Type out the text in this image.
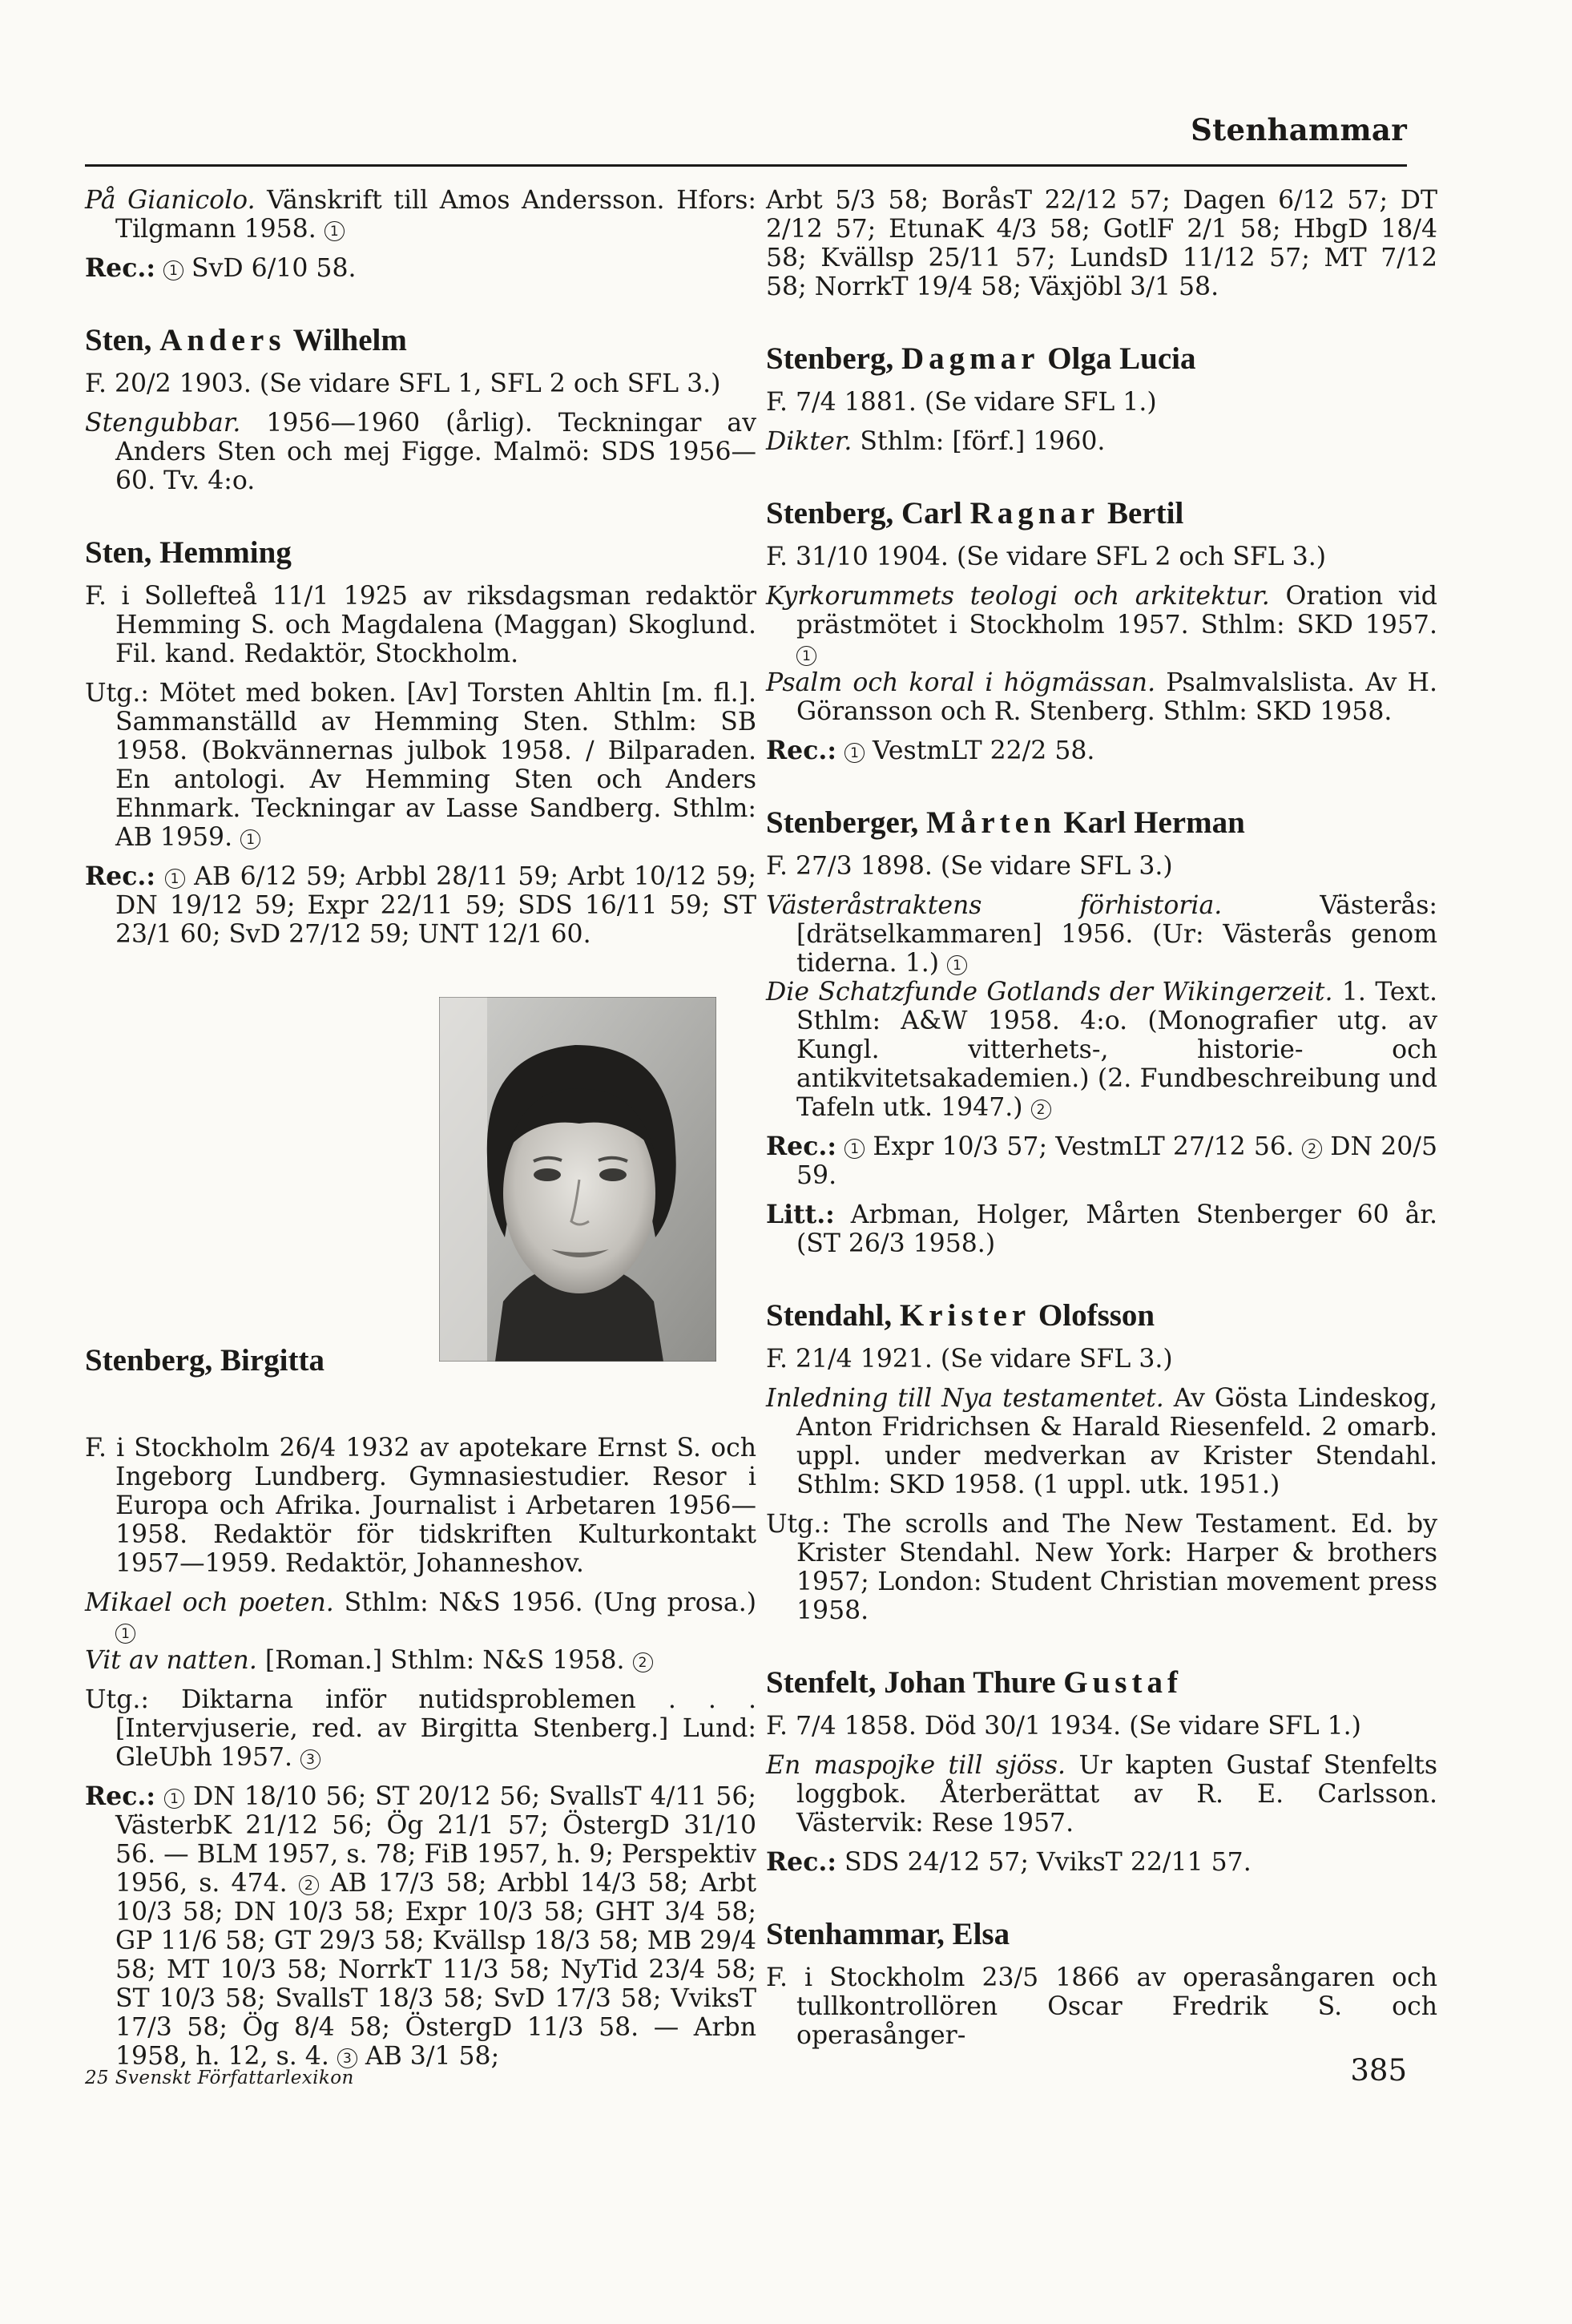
Stenhammar

På Gianicolo. Vänskrift till Amos Andersson. Hfors: Tilgmann 1958. 1

Rec.: 1 SvD 6/10 58.

Sten, Anders Wilhelm

F. 20/2 1903. (Se vidare SFL 1, SFL 2 och SFL 3.)

Stengubbar. 1956—1960 (årlig). Teckningar av Anders Sten och mej Figge. Malmö: SDS 1956—60. Tv. 4:o.

Sten, Hemming

F. i Sollefteå 11/1 1925 av riksdagsman redaktör Hemming S. och Magdalena (Maggan) Skoglund. Fil. kand. Redaktör, Stockholm.

Utg.: Mötet med boken. [Av] Torsten Ahltin [m. fl.]. Sammanställd av Hemming Sten. Sthlm: SB 1958. (Bokvännernas julbok 1958. / Bilparaden. En antologi. Av Hemming Sten och Anders Ehnmark. Teckningar av Lasse Sandberg. Sthlm: AB 1959. 1

Rec.: 1 AB 6/12 59; Arbbl 28/11 59; Arbt 10/12 59; DN 19/12 59; Expr 22/11 59; SDS 16/11 59; ST 23/1 60; SvD 27/12 59; UNT 12/1 60.

Stenberg, Birgitta

F. i Stockholm 26/4 1932 av apotekare Ernst S. och Ingeborg Lundberg. Gymnasiestudier. Resor i Europa och Afrika. Journalist i Arbetaren 1956—1958. Redaktör för tidskriften Kulturkontakt 1957—1959. Redaktör, Johanneshov.

Mikael och poeten. Sthlm: N&S 1956. (Ung prosa.) 1

Vit av natten. [Roman.] Sthlm: N&S 1958. 2

Utg.: Diktarna inför nutidsproblemen . . . [Intervjuserie, red. av Birgitta Stenberg.] Lund: GleUbh 1957. 3

Rec.: 1 DN 18/10 56; ST 20/12 56; SvallsT 4/11 56; VästerbK 21/12 56; Ög 21/1 57; ÖstergD 31/10 56. — BLM 1957, s. 78; FiB 1957, h. 9; Perspektiv 1956, s. 474. 2 AB 17/3 58; Arbbl 14/3 58; Arbt 10/3 58; DN 10/3 58; Expr 10/3 58; GHT 3/4 58; GP 11/6 58; GT 29/3 58; Kvällsp 18/3 58; MB 29/4 58; MT 10/3 58; NorrkT 11/3 58; NyTid 23/4 58; ST 10/3 58; SvallsT 18/3 58; SvD 17/3 58; VviksT 17/3 58; Ög 8/4 58; ÖstergD 11/3 58. — Arbn 1958, h. 12, s. 4. 3 AB 3/1 58;

Arbt 5/3 58; BoråsT 22/12 57; Dagen 6/12 57; DT 2/12 57; EtunaK 4/3 58; GotlF 2/1 58; HbgD 18/4 58; Kvällsp 25/11 57; LundsD 11/12 57; MT 7/12 58; NorrkT 19/4 58; Växjöbl 3/1 58.

Stenberg, Dagmar Olga Lucia

F. 7/4 1881. (Se vidare SFL 1.)

Dikter. Sthlm: [förf.] 1960.

Stenberg, Carl Ragnar Bertil

F. 31/10 1904. (Se vidare SFL 2 och SFL 3.)

Kyrkorummets teologi och arkitektur. Oration vid prästmötet i Stockholm 1957. Sthlm: SKD 1957. 1

Psalm och koral i högmässan. Psalmvalslista. Av H. Göransson och R. Stenberg. Sthlm: SKD 1958.

Rec.: 1 VestmLT 22/2 58.

Stenberger, Mårten Karl Herman

F. 27/3 1898. (Se vidare SFL 3.)

Västeråstraktens förhistoria. Västerås: [drätselkammaren] 1956. (Ur: Västerås genom tiderna. 1.) 1

Die Schatzfunde Gotlands der Wikingerzeit. 1. Text. Sthlm: A&W 1958. 4:o. (Monografier utg. av Kungl. vitterhets-, historie- och antikvitetsakademien.) (2. Fundbeschreibung und Tafeln utk. 1947.) 2

Rec.: 1 Expr 10/3 57; VestmLT 27/12 56. 2 DN 20/5 59.

Litt.: Arbman, Holger, Mårten Stenberger 60 år. (ST 26/3 1958.)

Stendahl, Krister Olofsson

F. 21/4 1921. (Se vidare SFL 3.)

Inledning till Nya testamentet. Av Gösta Lindeskog, Anton Fridrichsen & Harald Riesenfeld. 2 omarb. uppl. under medverkan av Krister Stendahl. Sthlm: SKD 1958. (1 uppl. utk. 1951.)

Utg.: The scrolls and The New Testament. Ed. by Krister Stendahl. New York: Harper & brothers 1957; London: Student Christian movement press 1958.

Stenfelt, Johan Thure Gustaf

F. 7/4 1858. Död 30/1 1934. (Se vidare SFL 1.)

En maspojke till sjöss. Ur kapten Gustaf Stenfelts loggbok. Återberättat av R. E. Carlsson. Västervik: Rese 1957.

Rec.: SDS 24/12 57; VviksT 22/11 57.

Stenhammar, Elsa

F. i Stockholm 23/5 1866 av operasångaren och tullkontrollören Oscar Fredrik S. och operasånger-

25 Svenskt Författarlexikon	385
